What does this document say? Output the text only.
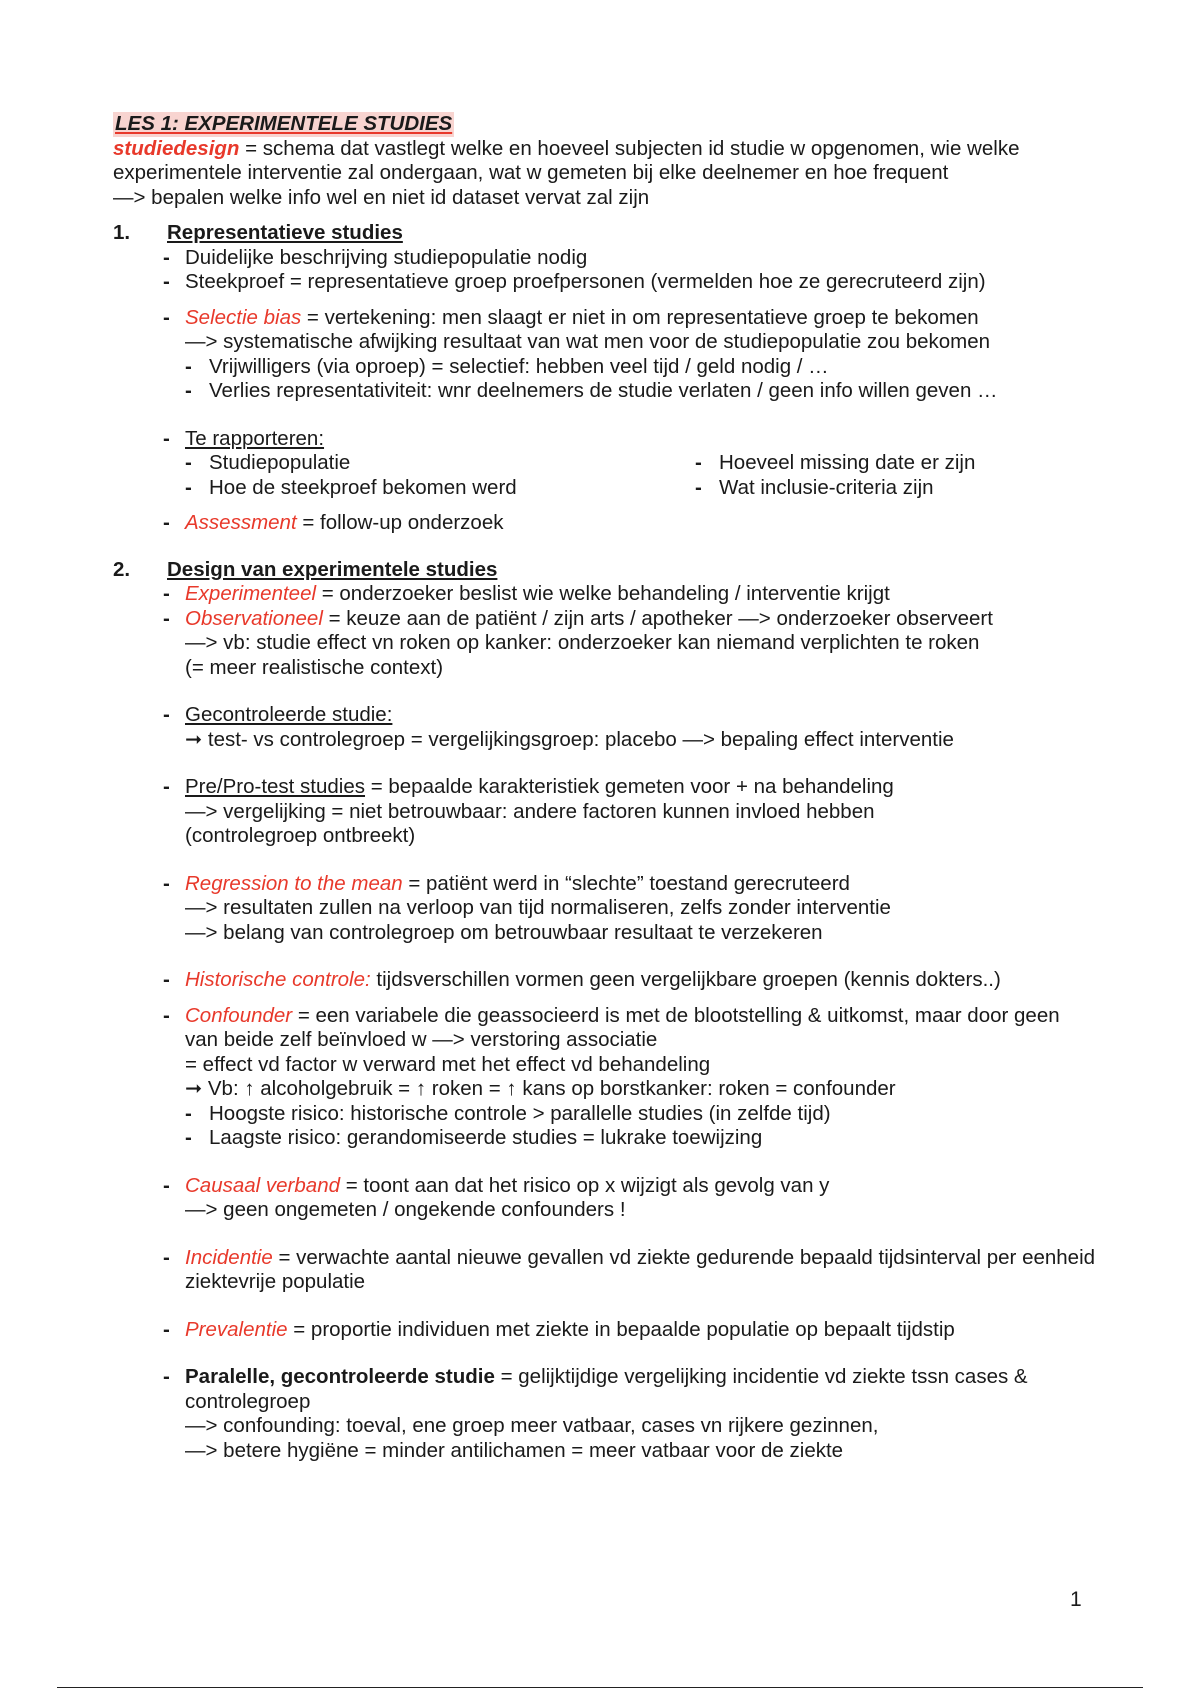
LES 1: EXPERIMENTELE STUDIES
studiedesign = schema dat vastlegt welke en hoeveel subjecten id studie w opgenomen, wie welke experimentele interventie zal ondergaan, wat w gemeten bij elke deelnemer en hoe frequent
—> bepalen welke info wel en niet id dataset vervat zal zijn
1. Representatieve studies
- Duidelijke beschrijving studiepopulatie nodig
- Steekproef = representatieve groep proefpersonen (vermelden hoe ze gerecruteerd zijn)
- Selectie bias = vertekening: men slaagt er niet in om representatieve groep te bekomen
—> systematische afwijking resultaat van wat men voor de studiepopulatie zou bekomen
- Vrijwilligers (via oproep) = selectief: hebben veel tijd / geld nodig / …
- Verlies representativiteit: wnr deelnemers de studie verlaten / geen info willen geven …
- Te rapporteren:
- Studiepopulatie
- Hoe de steekproef bekomen werd
- Hoeveel missing date er zijn
- Wat inclusie-criteria zijn
- Assessment = follow-up onderzoek
2. Design van experimentele studies
- Experimenteel = onderzoeker beslist wie welke behandeling / interventie krijgt
- Observationeel = keuze aan de patiënt / zijn arts / apotheker —> onderzoeker observeert
—> vb: studie effect vn roken op kanker: onderzoeker kan niemand verplichten te roken
(= meer realistische context)
- Gecontroleerde studie:
➞ test- vs controlegroep = vergelijkingsgroep: placebo —> bepaling effect interventie
- Pre/Pro-test studies = bepaalde karakteristiek gemeten voor + na behandeling
—> vergelijking = niet betrouwbaar: andere factoren kunnen invloed hebben
(controlegroep ontbreekt)
- Regression to the mean = patiënt werd in “slechte” toestand gerecruteerd
—> resultaten zullen na verloop van tijd normaliseren, zelfs zonder interventie
—> belang van controlegroep om betrouwbaar resultaat te verzekeren
- Historische controle: tijdsverschillen vormen geen vergelijkbare groepen (kennis dokters..)
- Confounder = een variabele die geassocieerd is met de blootstelling & uitkomst, maar door geen van beide zelf beïnvloed w —> verstoring associatie
= effect vd factor w verward met het effect vd behandeling
➞ Vb: ↑ alcoholgebruik = ↑ roken = ↑ kans op borstkanker: roken = confounder
- Hoogste risico: historische controle > parallelle studies (in zelfde tijd)
- Laagste risico: gerandomiseerde studies = lukrake toewijzing
- Causaal verband = toont aan dat het risico op x wijzigt als gevolg van y
—> geen ongemeten / ongekende confounders !
- Incidentie = verwachte aantal nieuwe gevallen vd ziekte gedurende bepaald tijdsinterval per eenheid ziektevrije populatie
- Prevalentie = proportie individuen met ziekte in bepaalde populatie op bepaalt tijdstip
- Paralelle, gecontroleerde studie = gelijktijdige vergelijking incidentie vd ziekte tssn cases & controlegroep
—> confounding: toeval, ene groep meer vatbaar, cases vn rijkere gezinnen,
—> betere hygiëne = minder antilichamen = meer vatbaar voor de ziekte
1
